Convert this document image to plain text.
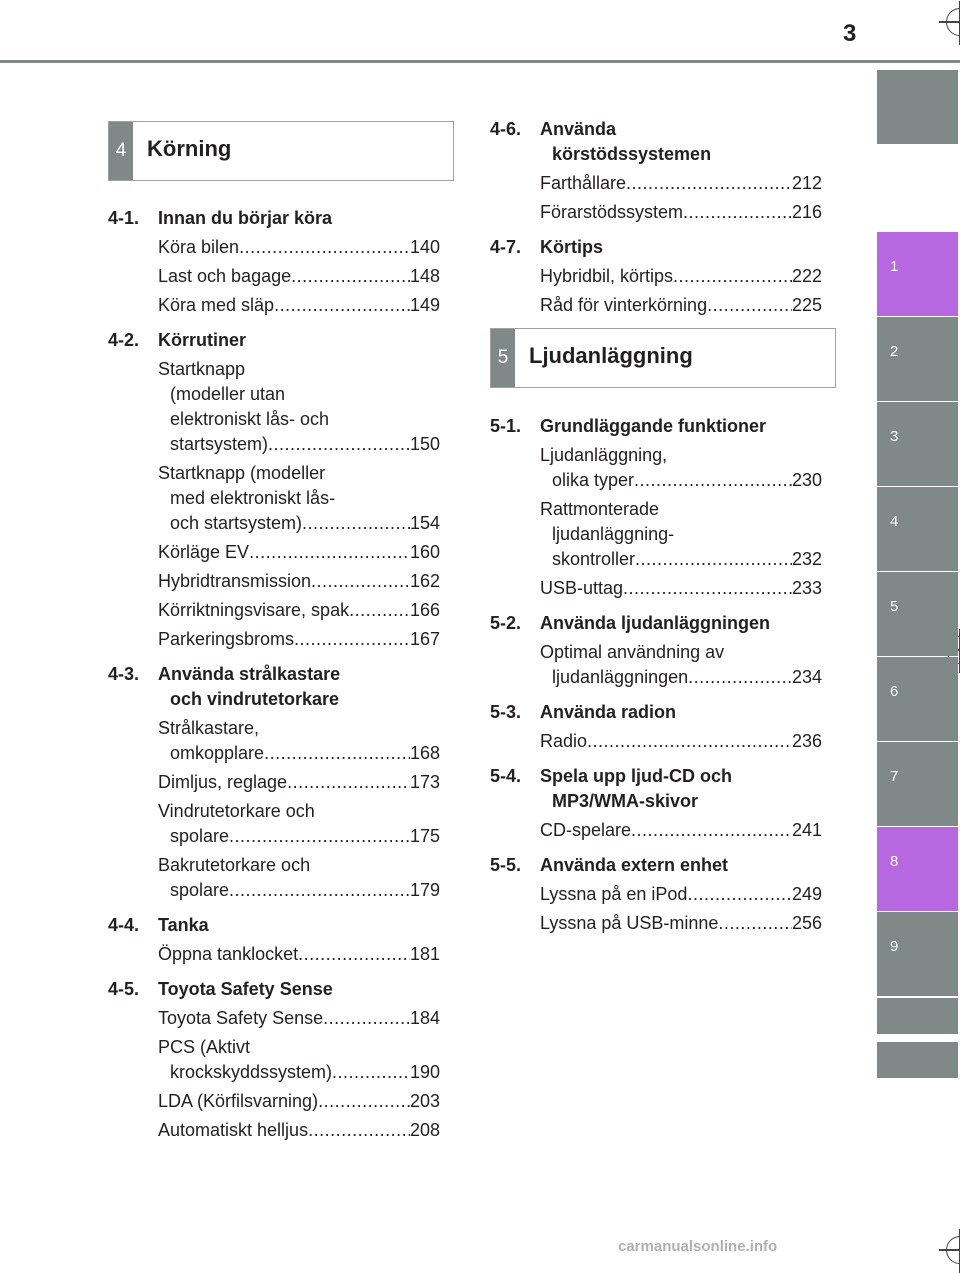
3
1
2
3
4
5
6
7
8
9
4 Körning
5 Ljudanläggning
4-1.	Innan du börjar köra
Köra bilen .....	140
Last och bagage .....	148
Köra med släp .....	149
4-2.	Körrutiner
Startknapp
(modeller utan
elektroniskt lås- och
startsystem) .....	150
Startknapp (modeller
med elektroniskt lås-
och startsystem) .....	154
Körläge EV .....	160
Hybridtransmission .....	162
Körriktningsvisare, spak .....	166
Parkeringsbroms .....	167
4-3.	Använda strålkastare
och vindrutetorkare
Strålkastare,
omkopplare .....	168
Dimljus, reglage .....	173
Vindrutetorkare och
spolare .....	175
Bakrutetorkare och
spolare .....	179
4-4.	Tanka
Öppna tanklocket .....	181
4-5.	Toyota Safety Sense
Toyota Safety Sense .....	184
PCS (Aktivt
krockskyddssystem) .....	190
LDA (Körfilsvarning) .....	203
Automatiskt helljus .....	208
4-6.	Använda
körstödssystemen
Farthållare .....	212
Förarstödssystem .....	216
4-7.	Körtips
Hybridbil, körtips .....	222
Råd för vinterkörning .....	225
5-1.	Grundläggande funktioner
Ljudanläggning,
olika typer .....	230
Rattmonterade
ljudanläggning-
skontroller .....	232
USB-uttag .....	233
5-2.	Använda ljudanläggningen
Optimal användning av
ljudanläggningen .....	234
5-3.	Använda radion
Radio .....	236
5-4.	Spela upp ljud-CD och
MP3/WMA-skivor
CD-spelare .....	241
5-5.	Använda extern enhet
Lyssna på en iPod .....	249
Lyssna på USB-minne .....	256
carmanualsonline.info
